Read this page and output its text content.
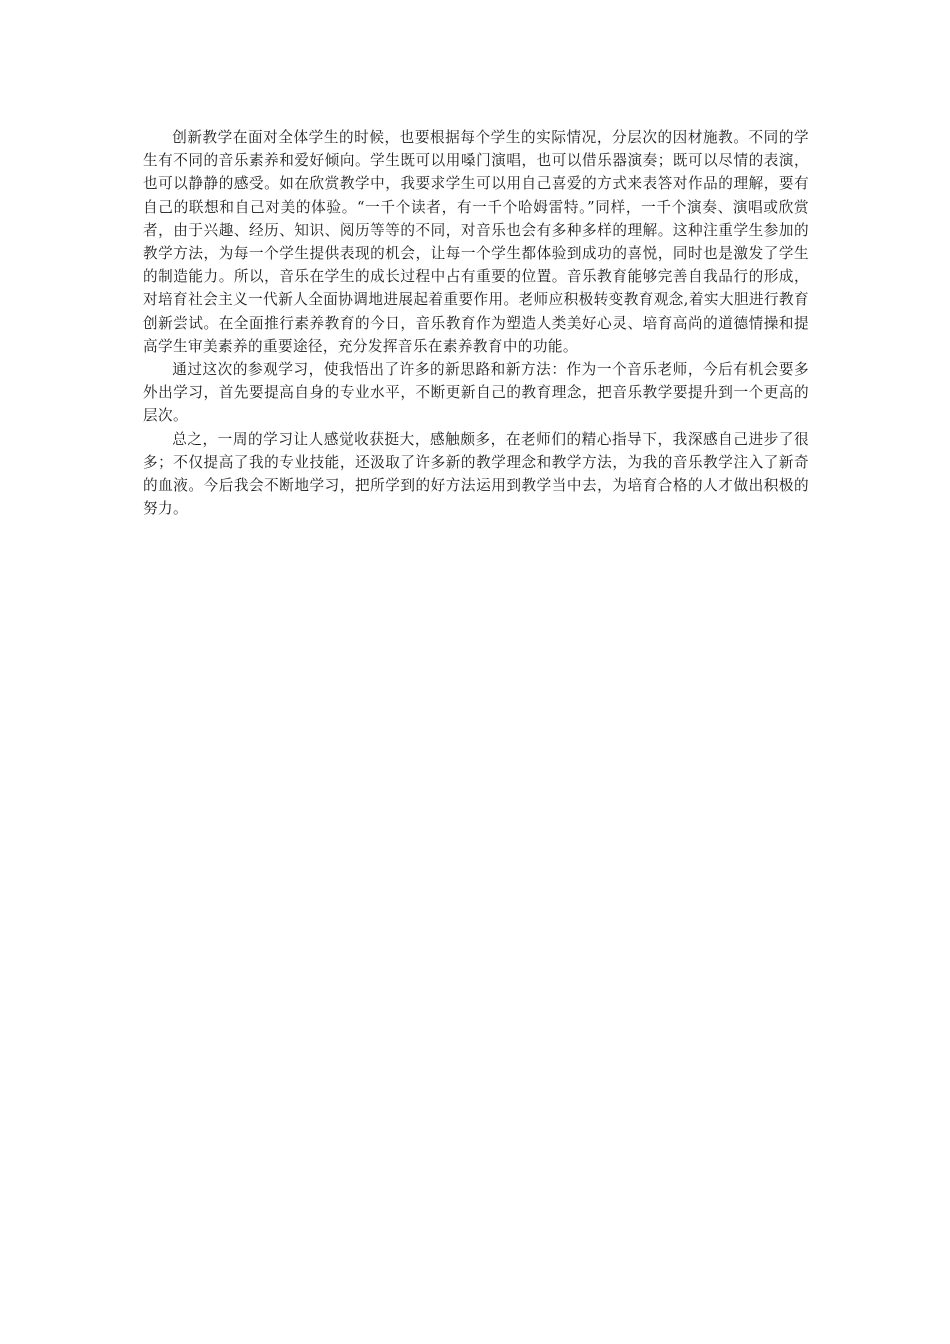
创新教学在面对全体学生的时候，也要根据每个学生的实际情况，分层次的因材施教。不同的学生有不同的音乐素养和爱好倾向。学生既可以用嗓门演唱，也可以借乐器演奏；既可以尽情的表演，也可以静静的感受。如在欣赏教学中，我要求学生可以用自己喜爱的方式来表答对作品的理解，要有自己的联想和自己对美的体验。“一千个读者，有一千个哈姆雷特。”同样，一千个演奏、演唱或欣赏者，由于兴趣、经历、知识、阅历等等的不同，对音乐也会有多种多样的理解。这种注重学生参加的教学方法，为每一个学生提供表现的机会，让每一个学生都体验到成功的喜悦，同时也是激发了学生的制造能力。所以，音乐在学生的成长过程中占有重要的位置。音乐教育能够完善自我品行的形成，对培育社会主义一代新人全面协调地进展起着重要作用。老师应积极转变教育观念,着实大胆进行教育创新尝试。在全面推行素养教育的今日，音乐教育作为塑造人类美好心灵、培育高尚的道德情操和提高学生审美素养的重要途径，充分发挥音乐在素养教育中的功能。

通过这次的参观学习，使我悟出了许多的新思路和新方法：作为一个音乐老师，今后有机会要多外出学习，首先要提高自身的专业水平，不断更新自己的教育理念，把音乐教学要提升到一个更高的层次。

总之，一周的学习让人感觉收获挺大，感触颇多，在老师们的精心指导下，我深感自己进步了很多；不仅提高了我的专业技能，还汲取了许多新的教学理念和教学方法，为我的音乐教学注入了新奇的血液。今后我会不断地学习，把所学到的好方法运用到教学当中去，为培育合格的人才做出积极的努力。
